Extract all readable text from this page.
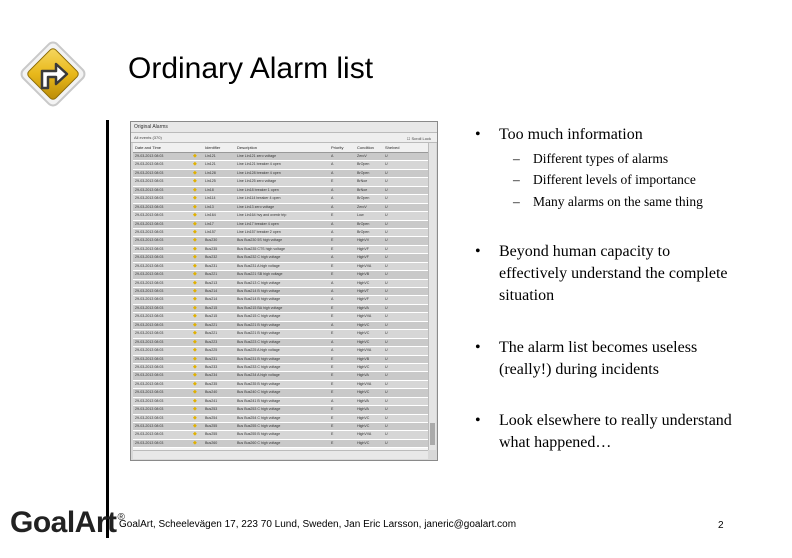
Ordinary Alarm list
Original Alarms
All events (370)	☐ Scroll Lock
Date and Time	Identifier	Description	Priority	Condition	Shelved
29-03-2013 08:03	◆	Lin121	Line Lin121 zero voltage	A	ZeroV	U
29-03-2013 08:03	◆	Lin121	Line Lin121 breaker 4 open	A	BrOpen	U
29-03-2013 08:03	◆	Lin128	Line Lin128 breaker 4 open	A	BrOpen	U
29-03-2013 08:03	◆	Lin125	Line Lin125 zero voltage	E	BrNoe	U
29-03-2013 08:03	◆	Lin18	Line Lin18 breaker 1 open	A	BrNoe	U
29-03-2013 08:03	◆	Lin114	Line Lin114 breaker 4 open	A	BrOpen	U
29-03-2013 08:03	◆	Lin13	Line Lin13 zero voltage	A	ZeroV	U
29-03-2013 08:03	◆	Lin164	Line Lin164 hvy and overdr trip	E	Low	U
29-03-2013 08:03	◆	Lin17	Line Lin17 breaker 4 open	A	BrOpen	U
29-03-2013 08:03	◆	Lin157	Line Lin157 breaker 2 open	A	BrOpen	U
29-03-2013 08:03	◆	Bus230	Bus Bus230 5S high voltage	E	HighVV	U
29-03-2013 08:03	◆	Bus235	Bus Bus235 CTS high voltage	E	HighVF	U
29-03-2013 08:03	◆	Bus232	Bus Bus232 C high voltage	A	HighVF	U
29-03-2013 08:03	◆	Bus231	Bus Bus231 A high voltage	E	HighVVA	U
29-03-2013 08:03	◆	Bus221	Bus Bus221 SB high voltage	E	HighVB	U
29-03-2013 08:03	◆	Bus213	Bus Bus213 C high voltage	A	HighVC	U
29-03-2013 08:03	◆	Bus214	Bus Bus214 B high voltage	A	HighVT	U
29-03-2013 08:03	◆	Bus214	Bus Bus214 B high voltage	A	HighVF	U
29-03-2013 08:03	◆	Bus215	Bus Bus215 BA high voltage	E	HighVA	U
29-03-2013 08:03	◆	Bus215	Bus Bus215 C high voltage	E	HighVVA	U
29-03-2013 08:03	◆	Bus221	Bus Bus221 B high voltage	A	HighVC	U
29-03-2013 08:03	◆	Bus221	Bus Bus221 B high voltage	E	HighVC	U
29-03-2013 08:03	◆	Bus223	Bus Bus223 C high voltage	A	HighVC	U
29-03-2013 08:03	◆	Bus225	Bus Bus225 A high voltage	A	HighVVA	U
29-03-2013 08:03	◆	Bus231	Bus Bus231 B high voltage	E	HighVB	U
29-03-2013 08:03	◆	Bus233	Bus Bus233 C high voltage	E	HighVC	U
29-03-2013 08:03	◆	Bus234	Bus Bus234 A high voltage	E	HighVA	U
29-03-2013 08:03	◆	Bus235	Bus Bus235 B high voltage	E	HighVVA	U
29-03-2013 08:03	◆	Bus240	Bus Bus240 C high voltage	E	HighVC	U
29-03-2013 08:03	◆	Bus241	Bus Bus241 B high voltage	A	HighVA	U
29-03-2013 08:03	◆	Bus253	Bus Bus253 C high voltage	E	HighVA	U
29-03-2013 08:03	◆	Bus254	Bus Bus254 C high voltage	E	HighVC	U
29-03-2013 08:03	◆	Bus255	Bus Bus255 C high voltage	E	HighVC	U
29-03-2013 08:03	◆	Bus255	Bus Bus255 B high voltage	E	HighVVA	U
29-03-2013 08:03	◆	Bus260	Bus Bus260 C high voltage	E	HighVC	U
• Too much information
– Different types of alarms
– Different levels of importance
– Many alarms on the same thing
• Beyond human capacity to effectively understand the complete situation
• The alarm list becomes useless (really!) during incidents
• Look elsewhere to really understand what happened…
GoalArt®
GoalArt, Scheelevägen 17, 223 70 Lund, Sweden, Jan Eric Larsson, janeric@goalart.com	2
